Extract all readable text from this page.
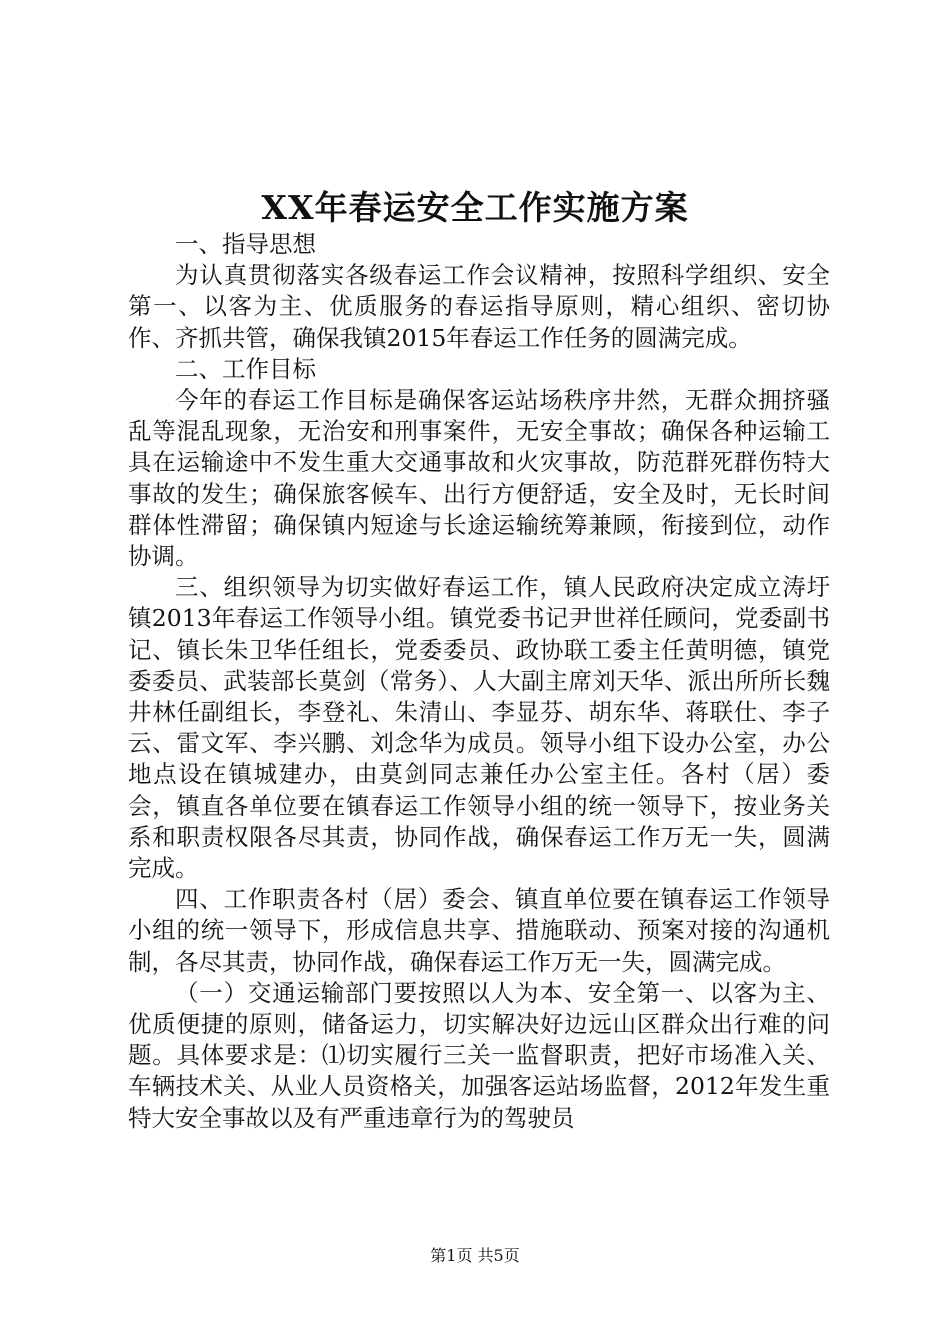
XX年春运安全工作实施方案

一、指导思想

为认真贯彻落实各级春运工作会议精神，按照科学组织、安全第一、以客为主、优质服务的春运指导原则，精心组织、密切协作、齐抓共管，确保我镇2015年春运工作任务的圆满完成。

二、工作目标

今年的春运工作目标是确保客运站场秩序井然，无群众拥挤骚乱等混乱现象，无治安和刑事案件，无安全事故；确保各种运输工具在运输途中不发生重大交通事故和火灾事故，防范群死群伤特大事故的发生；确保旅客候车、出行方便舒适，安全及时，无长时间群体性滞留；确保镇内短途与长途运输统筹兼顾，衔接到位，动作协调。

三、组织领导为切实做好春运工作，镇人民政府决定成立涛圩镇2013年春运工作领导小组。镇党委书记尹世祥任顾问，党委副书记、镇长朱卫华任组长，党委委员、政协联工委主任黄明德，镇党委委员、武装部长莫剑（常务）、人大副主席刘天华、派出所所长魏井林任副组长，李登礼、朱清山、李显芬、胡东华、蒋联仕、李子云、雷文军、李兴鹏、刘念华为成员。领导小组下设办公室，办公地点设在镇城建办，由莫剑同志兼任办公室主任。各村（居）委会，镇直各单位要在镇春运工作领导小组的统一领导下，按业务关系和职责权限各尽其责，协同作战，确保春运工作万无一失，圆满完成。

四、工作职责各村（居）委会、镇直单位要在镇春运工作领导小组的统一领导下，形成信息共享、措施联动、预案对接的沟通机制，各尽其责，协同作战，确保春运工作万无一失，圆满完成。

（一）交通运输部门要按照以人为本、安全第一、以客为主、优质便捷的原则，储备运力，切实解决好边远山区群众出行难的问题。具体要求是：⑴切实履行三关一监督职责，把好市场准入关、车辆技术关、从业人员资格关，加强客运站场监督，2012年发生重特大安全事故以及有严重违章行为的驾驶员

第1页 共5页
